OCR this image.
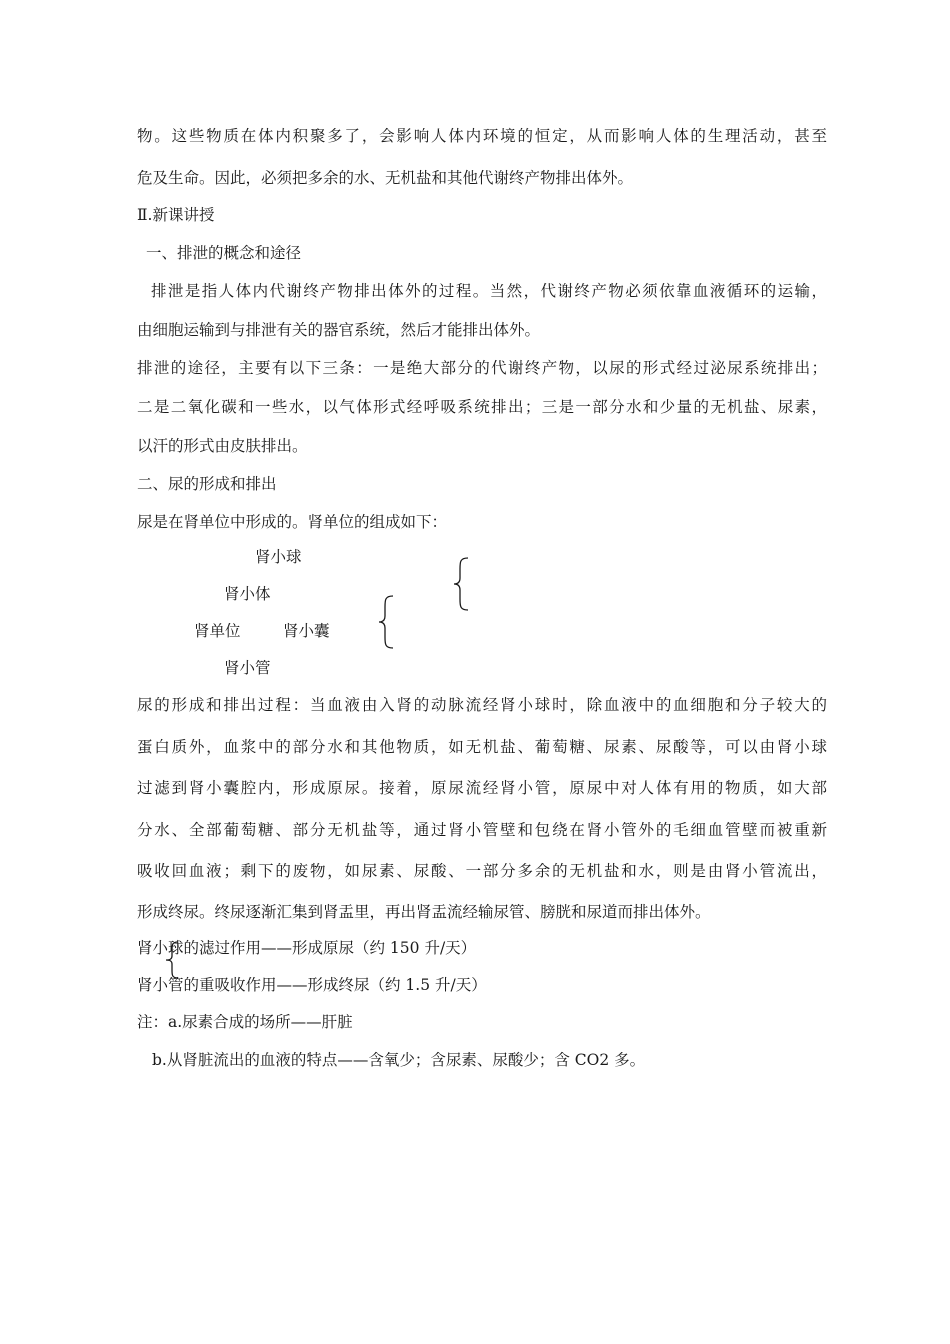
物。这些物质在体内积聚多了，会影响人体内环境的恒定，从而影响人体的生理活动，甚至
危及生命。因此，必须把多余的水、无机盐和其他代谢终产物排出体外。
Ⅱ.新课讲授
一、排泄的概念和途径
排泄是指人体内代谢终产物排出体外的过程。当然，代谢终产物必须依靠血液循环的运输，
由细胞运输到与排泄有关的器官系统，然后才能排出体外。
排泄的途径，主要有以下三条：一是绝大部分的代谢终产物，以尿的形式经过泌尿系统排出；
二是二氧化碳和一些水，以气体形式经呼吸系统排出；三是一部分水和少量的无机盐、尿素，
以汗的形式由皮肤排出。
二、尿的形成和排出
尿是在肾单位中形成的。肾单位的组成如下：
肾小球
肾小体
肾单位	肾小囊
肾小管
尿的形成和排出过程：当血液由入肾的动脉流经肾小球时，除血液中的血细胞和分子较大的
蛋白质外，血浆中的部分水和其他物质，如无机盐、葡萄糖、尿素、尿酸等，可以由肾小球
过滤到肾小囊腔内，形成原尿。接着，原尿流经肾小管，原尿中对人体有用的物质，如大部
分水、全部葡萄糖、部分无机盐等，通过肾小管壁和包绕在肾小管外的毛细血管壁而被重新
吸收回血液；剩下的废物，如尿素、尿酸、一部分多余的无机盐和水，则是由肾小管流出，
形成终尿。终尿逐渐汇集到肾盂里，再出肾盂流经输尿管、膀胱和尿道而排出体外。
肾小球的滤过作用——形成原尿（约 150 升/天）
肾小管的重吸收作用——形成终尿（约 1.5 升/天）
注：a.尿素合成的场所——肝脏
b.从肾脏流出的血液的特点——含氧少；含尿素、尿酸少；含 CO2 多。
